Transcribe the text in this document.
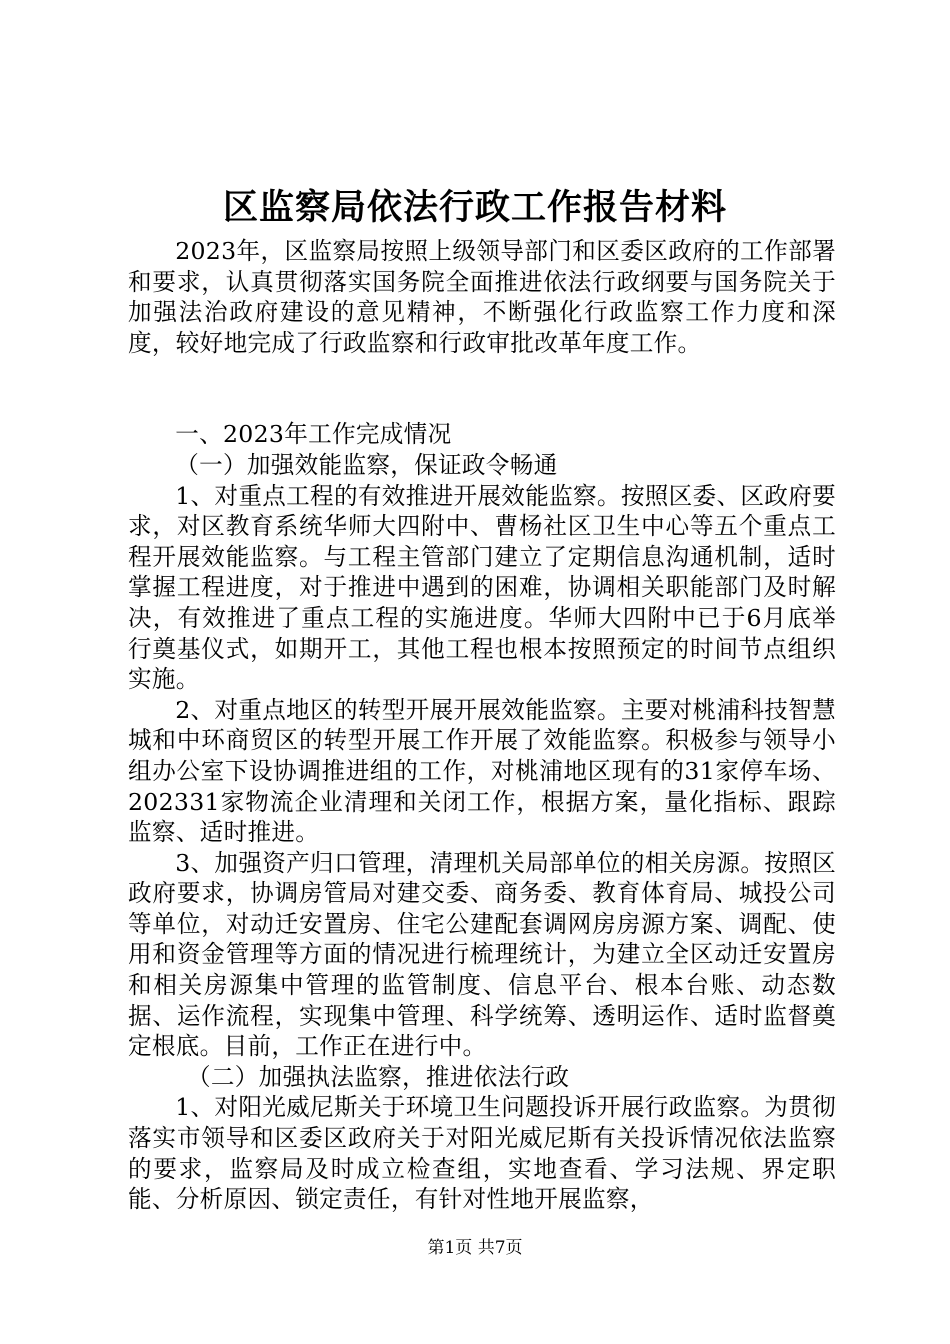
区监察局依法行政工作报告材料

2023年，区监察局按照上级领导部门和区委区政府的工作部署和要求，认真贯彻落实国务院全面推进依法行政纲要与国务院关于加强法治政府建设的意见精神，不断强化行政监察工作力度和深度，较好地完成了行政监察和行政审批改革年度工作。

一、2023年工作完成情况

（一）加强效能监察，保证政令畅通

1、对重点工程的有效推进开展效能监察。按照区委、区政府要求，对区教育系统华师大四附中、曹杨社区卫生中心等五个重点工程开展效能监察。与工程主管部门建立了定期信息沟通机制，适时掌握工程进度，对于推进中遇到的困难，协调相关职能部门及时解决，有效推进了重点工程的实施进度。华师大四附中已于6月底举行奠基仪式，如期开工，其他工程也根本按照预定的时间节点组织实施。

2、对重点地区的转型开展开展效能监察。主要对桃浦科技智慧城和中环商贸区的转型开展工作开展了效能监察。积极参与领导小组办公室下设协调推进组的工作，对桃浦地区现有的31家停车场、202331家物流企业清理和关闭工作，根据方案，量化指标、跟踪监察、适时推进。

3、加强资产归口管理，清理机关局部单位的相关房源。按照区政府要求，协调房管局对建交委、商务委、教育体育局、城投公司等单位，对动迁安置房、住宅公建配套调网房房源方案、调配、使用和资金管理等方面的情况进行梳理统计，为建立全区动迁安置房和相关房源集中管理的监管制度、信息平台、根本台账、动态数据、运作流程，实现集中管理、科学统筹、透明运作、适时监督奠定根底。目前，工作正在进行中。

（二）加强执法监察，推进依法行政

1、对阳光威尼斯关于环境卫生问题投诉开展行政监察。为贯彻落实市领导和区委区政府关于对阳光威尼斯有关投诉情况依法监察的要求，监察局及时成立检查组，实地查看、学习法规、界定职能、分析原因、锁定责任，有针对性地开展监察，

第1页 共7页
